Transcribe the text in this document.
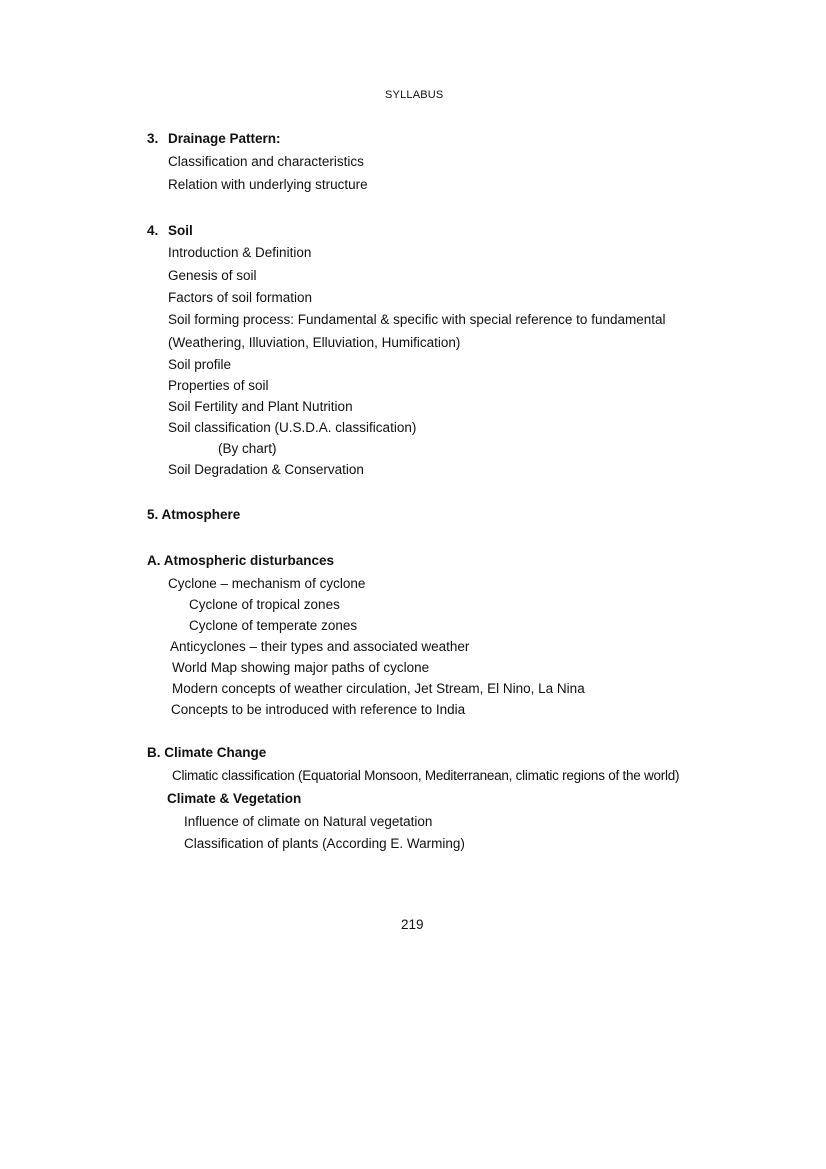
SYLLABUS
3. Drainage Pattern:
Classification and characteristics
Relation with underlying structure
4. Soil
Introduction & Definition
Genesis of soil
Factors of soil formation
Soil forming process: Fundamental & specific with special reference to fundamental
(Weathering, Illuviation, Elluviation, Humification)
Soil profile
Properties of soil
Soil Fertility and Plant Nutrition
Soil classification (U.S.D.A. classification)
(By chart)
Soil Degradation & Conservation
5. Atmosphere
A. Atmospheric disturbances
Cyclone – mechanism of cyclone
Cyclone of tropical zones
Cyclone of temperate zones
Anticyclones – their types and associated weather
World Map showing major paths of cyclone
Modern concepts of weather circulation, Jet Stream, El Nino, La Nina
Concepts to be introduced with reference to India
B. Climate Change
Climatic classification (Equatorial Monsoon, Mediterranean, climatic regions of the world)
Climate & Vegetation
Influence of climate on Natural vegetation
Classification of plants (According E. Warming)
219
